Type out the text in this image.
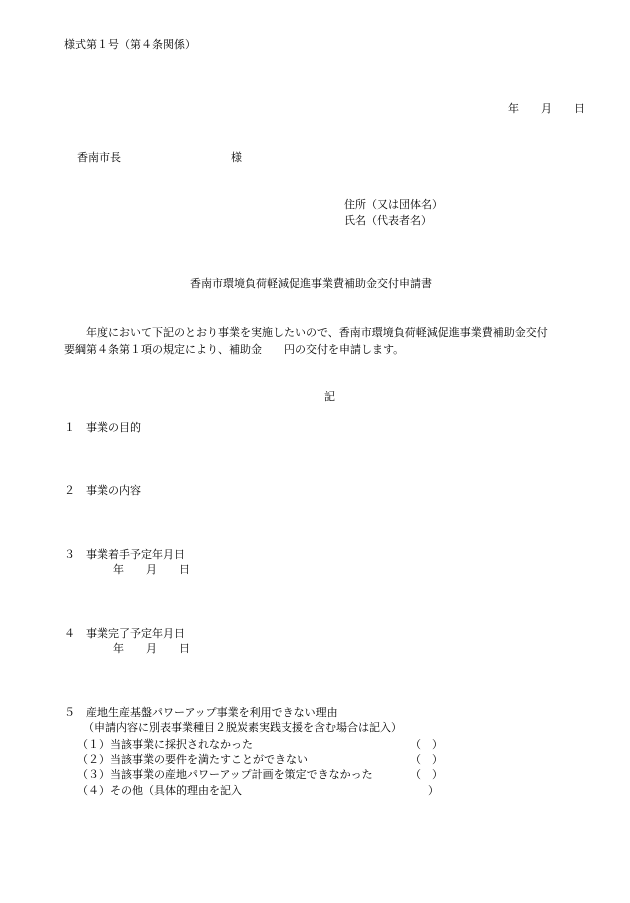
様式第１号（第４条関係）
年　　月　　日
香南市長　　　　　　　　　　様
住所（又は団体名）
氏名（代表者名）
香南市環境負荷軽減促進事業費補助金交付申請書
　　年度において下記のとおり事業を実施したいので、香南市環境負荷軽減促進事業費補助金交付
要綱第４条第１項の規定により、補助金　　円の交付を申請します。
記
１　事業の目的
２　事業の内容
３　事業着手予定年月日
年　　月　　日
４　事業完了予定年月日
年　　月　　日
５　産地生産基盤パワーアップ事業を利用できない理由
（申請内容に別表事業種目２脱炭素実践支援を含む場合は記入）
（１）当該事業に採択されなかった	（　）
（２）当該事業の要件を満たすことができない	（　）
（３）当該事業の産地パワーアップ計画を策定できなかった	（　）
（４）その他（具体的理由を記入	）
